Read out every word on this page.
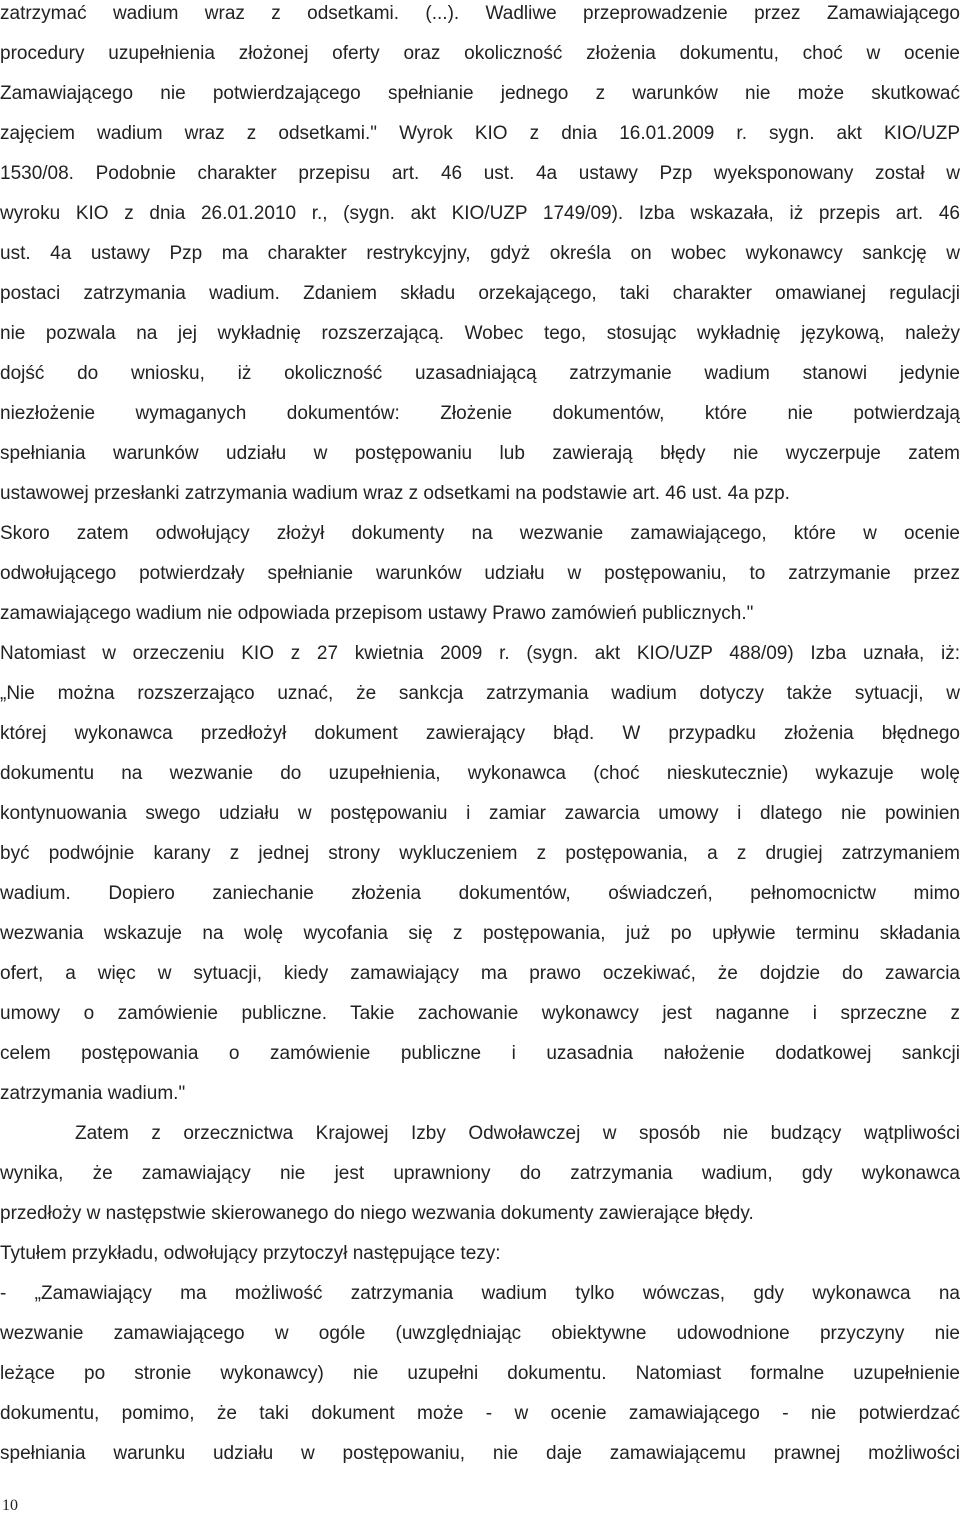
zatrzymać wadium wraz z odsetkami. (...). Wadliwe przeprowadzenie przez Zamawiającego
procedury uzupełnienia złożonej oferty oraz okoliczność złożenia dokumentu, choć w ocenie
Zamawiającego nie potwierdzającego spełnianie jednego z warunków nie może skutkować
zajęciem wadium wraz z odsetkami." Wyrok KIO z dnia 16.01.2009 r. sygn. akt KIO/UZP
1530/08. Podobnie charakter przepisu art. 46 ust. 4a ustawy Pzp wyeksponowany został w
wyroku KIO z dnia 26.01.2010 r., (sygn. akt KIO/UZP 1749/09). Izba wskazała, iż przepis art. 46
ust. 4a ustawy Pzp ma charakter restrykcyjny, gdyż określa on wobec wykonawcy sankcję w
postaci zatrzymania wadium. Zdaniem składu orzekającego, taki charakter omawianej regulacji
nie pozwala na jej wykładnię rozszerzającą. Wobec tego, stosując wykładnię językową, należy
dojść do wniosku, iż okoliczność uzasadniającą zatrzymanie wadium stanowi jedynie
niezłożenie wymaganych dokumentów: Złożenie dokumentów, które nie potwierdzają
spełniania warunków udziału w postępowaniu lub zawierają błędy nie wyczerpuje zatem
ustawowej przesłanki zatrzymania wadium wraz z odsetkami na podstawie art. 46 ust. 4a pzp.
Skoro zatem odwołujący złożył dokumenty na wezwanie zamawiającego, które w ocenie
odwołującego potwierdzały spełnianie warunków udziału w postępowaniu, to zatrzymanie przez
zamawiającego wadium nie odpowiada przepisom ustawy Prawo zamówień publicznych."
Natomiast w orzeczeniu KIO z 27 kwietnia 2009 r. (sygn. akt KIO/UZP 488/09) Izba uznała, iż:
„Nie można rozszerzająco uznać, że sankcja zatrzymania wadium dotyczy także sytuacji, w
której wykonawca przedłożył dokument zawierający błąd. W przypadku złożenia błędnego
dokumentu na wezwanie do uzupełnienia, wykonawca (choć nieskutecznie) wykazuje wolę
kontynuowania swego udziału w postępowaniu i zamiar zawarcia umowy i dlatego nie powinien
być podwójnie karany z jednej strony wykluczeniem z postępowania, a z drugiej zatrzymaniem
wadium. Dopiero zaniechanie złożenia dokumentów, oświadczeń, pełnomocnictw mimo
wezwania wskazuje na wolę wycofania się z postępowania, już po upływie terminu składania
ofert, a więc w sytuacji, kiedy zamawiający ma prawo oczekiwać, że dojdzie do zawarcia
umowy o zamówienie publiczne. Takie zachowanie wykonawcy jest naganne i sprzeczne z
celem postępowania o zamówienie publiczne i uzasadnia nałożenie dodatkowej sankcji
zatrzymania wadium."
Zatem z orzecznictwa Krajowej Izby Odwoławczej w sposób nie budzący wątpliwości
wynika, że zamawiający nie jest uprawniony do zatrzymania wadium, gdy wykonawca
przedłoży w następstwie skierowanego do niego wezwania dokumenty zawierające błędy.
Tytułem przykładu, odwołujący przytoczył następujące tezy:
- „Zamawiający ma możliwość zatrzymania wadium tylko wówczas, gdy wykonawca na
wezwanie zamawiającego w ogóle (uwzględniając obiektywne udowodnione przyczyny nie
leżące po stronie wykonawcy) nie uzupełni dokumentu. Natomiast formalne uzupełnienie
dokumentu, pomimo, że taki dokument może - w ocenie zamawiającego - nie potwierdzać
spełniania warunku udziału w postępowaniu, nie daje zamawiającemu prawnej możliwości
10
